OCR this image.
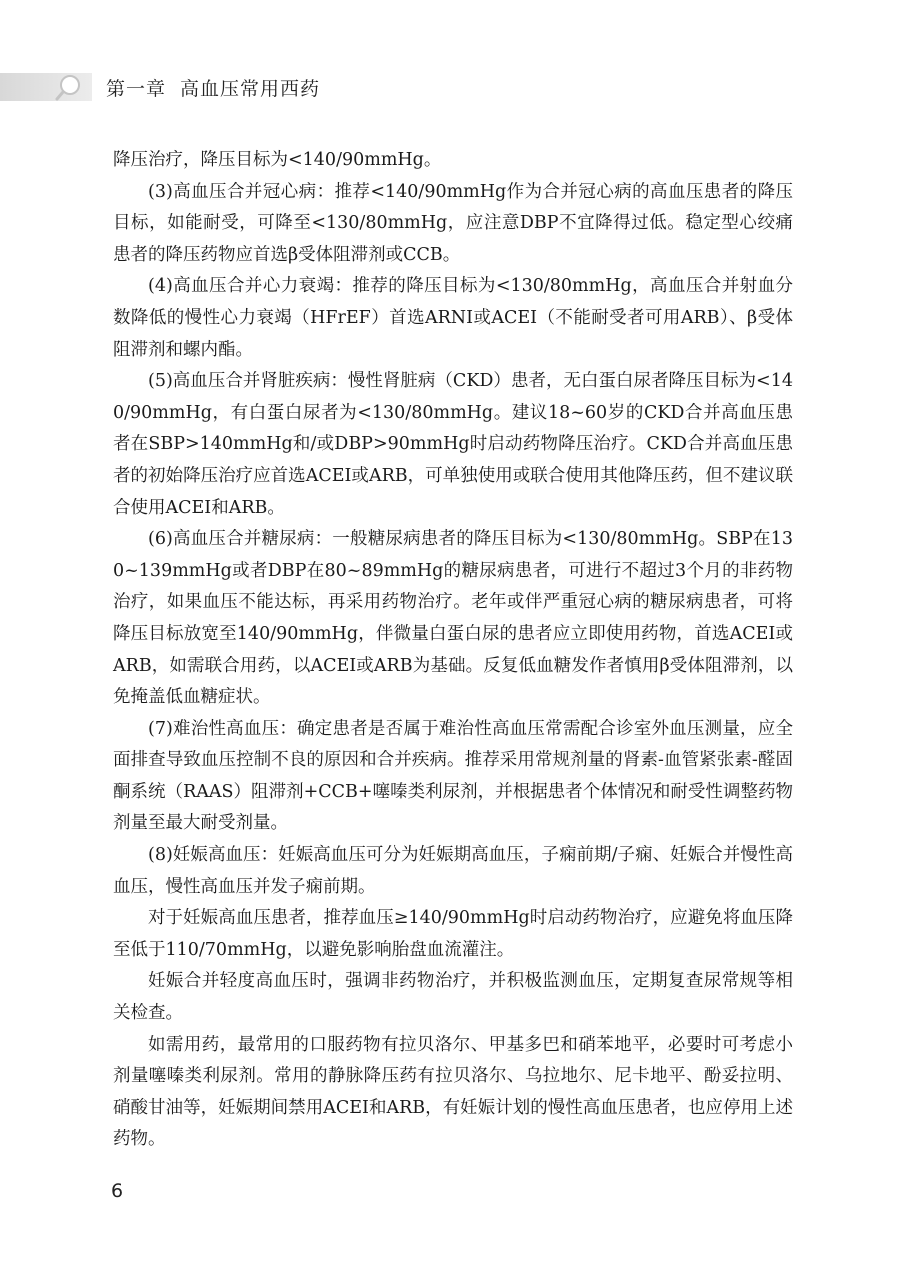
第一章 高血压常用西药

降压治疗，降压目标为<140/90mmHg。

(3)高血压合并冠心病：推荐<140/90mmHg作为合并冠心病的高血压患者的降压目标，如能耐受，可降至<130/80mmHg，应注意DBP不宜降得过低。稳定型心绞痛患者的降压药物应首选β受体阻滞剂或CCB。

(4)高血压合并心力衰竭：推荐的降压目标为<130/80mmHg，高血压合并射血分数降低的慢性心力衰竭（HFrEF）首选ARNI或ACEI（不能耐受者可用ARB）、β受体阻滞剂和螺内酯。

(5)高血压合并肾脏疾病：慢性肾脏病（CKD）患者，无白蛋白尿者降压目标为<140/90mmHg，有白蛋白尿者为<130/80mmHg。建议18~60岁的CKD合并高血压患者在SBP>140mmHg和/或DBP>90mmHg时启动药物降压治疗。CKD合并高血压患者的初始降压治疗应首选ACEI或ARB，可单独使用或联合使用其他降压药，但不建议联合使用ACEI和ARB。

(6)高血压合并糖尿病：一般糖尿病患者的降压目标为<130/80mmHg。SBP在130~139mmHg或者DBP在80~89mmHg的糖尿病患者，可进行不超过3个月的非药物治疗，如果血压不能达标，再采用药物治疗。老年或伴严重冠心病的糖尿病患者，可将降压目标放宽至140/90mmHg，伴微量白蛋白尿的患者应立即使用药物，首选ACEI或ARB，如需联合用药，以ACEI或ARB为基础。反复低血糖发作者慎用β受体阻滞剂，以免掩盖低血糖症状。

(7)难治性高血压：确定患者是否属于难治性高血压常需配合诊室外血压测量，应全面排查导致血压控制不良的原因和合并疾病。推荐采用常规剂量的肾素-血管紧张素-醛固酮系统（RAAS）阻滞剂+CCB+噻嗪类利尿剂，并根据患者个体情况和耐受性调整药物剂量至最大耐受剂量。

(8)妊娠高血压：妊娠高血压可分为妊娠期高血压，子痫前期/子痫、妊娠合并慢性高血压，慢性高血压并发子痫前期。

对于妊娠高血压患者，推荐血压≥140/90mmHg时启动药物治疗，应避免将血压降至低于110/70mmHg，以避免影响胎盘血流灌注。

妊娠合并轻度高血压时，强调非药物治疗，并积极监测血压，定期复查尿常规等相关检查。

如需用药，最常用的口服药物有拉贝洛尔、甲基多巴和硝苯地平，必要时可考虑小剂量噻嗪类利尿剂。常用的静脉降压药有拉贝洛尔、乌拉地尔、尼卡地平、酚妥拉明、硝酸甘油等，妊娠期间禁用ACEI和ARB，有妊娠计划的慢性高血压患者，也应停用上述药物。

6
